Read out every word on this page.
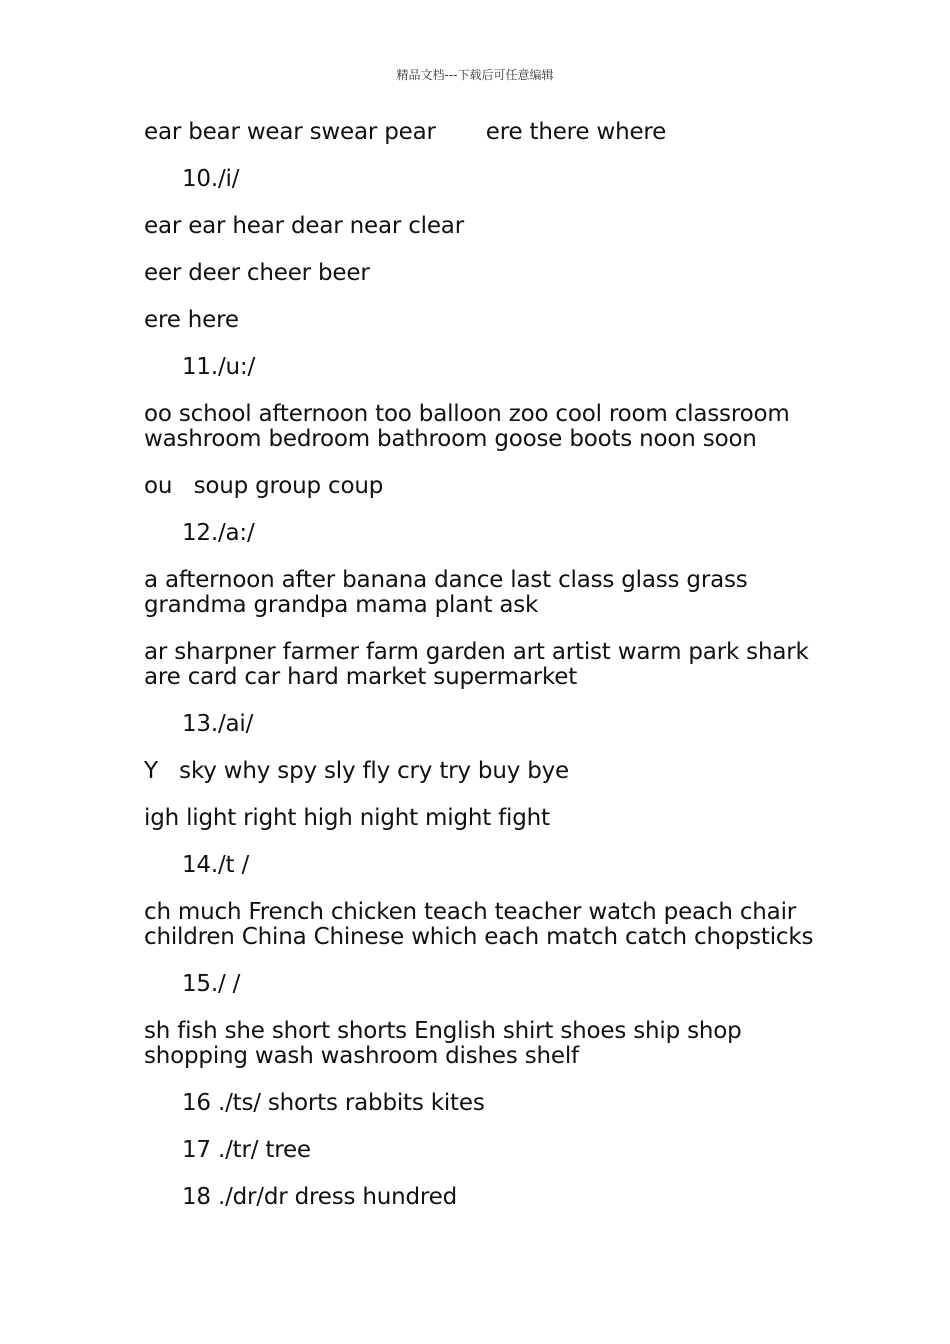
精品文档---下载后可任意编辑

ear bear wear swear pear ere there where

10./i/

ear ear hear dear near clear

eer deer cheer beer

ere here

11./u:/

oo school afternoon too balloon zoo cool room classroom washroom bedroom bathroom goose boots noon soon

ou   soup group coup

12./a:/

a afternoon after banana dance last class glass grass grandma grandpa mama plant ask

ar sharpner farmer farm garden art artist warm park shark are card car hard market supermarket

13./ai/

Y   sky why spy sly fly cry try buy bye

igh light right high night might fight

14./t /

ch much French chicken teach teacher watch peach chair children China Chinese which each match catch chopsticks

15./ /

sh fish she short shorts English shirt shoes ship shop shopping wash washroom dishes shelf

16 ./ts/ shorts rabbits kites

17 ./tr/ tree

18 ./dr/dr dress hundred
